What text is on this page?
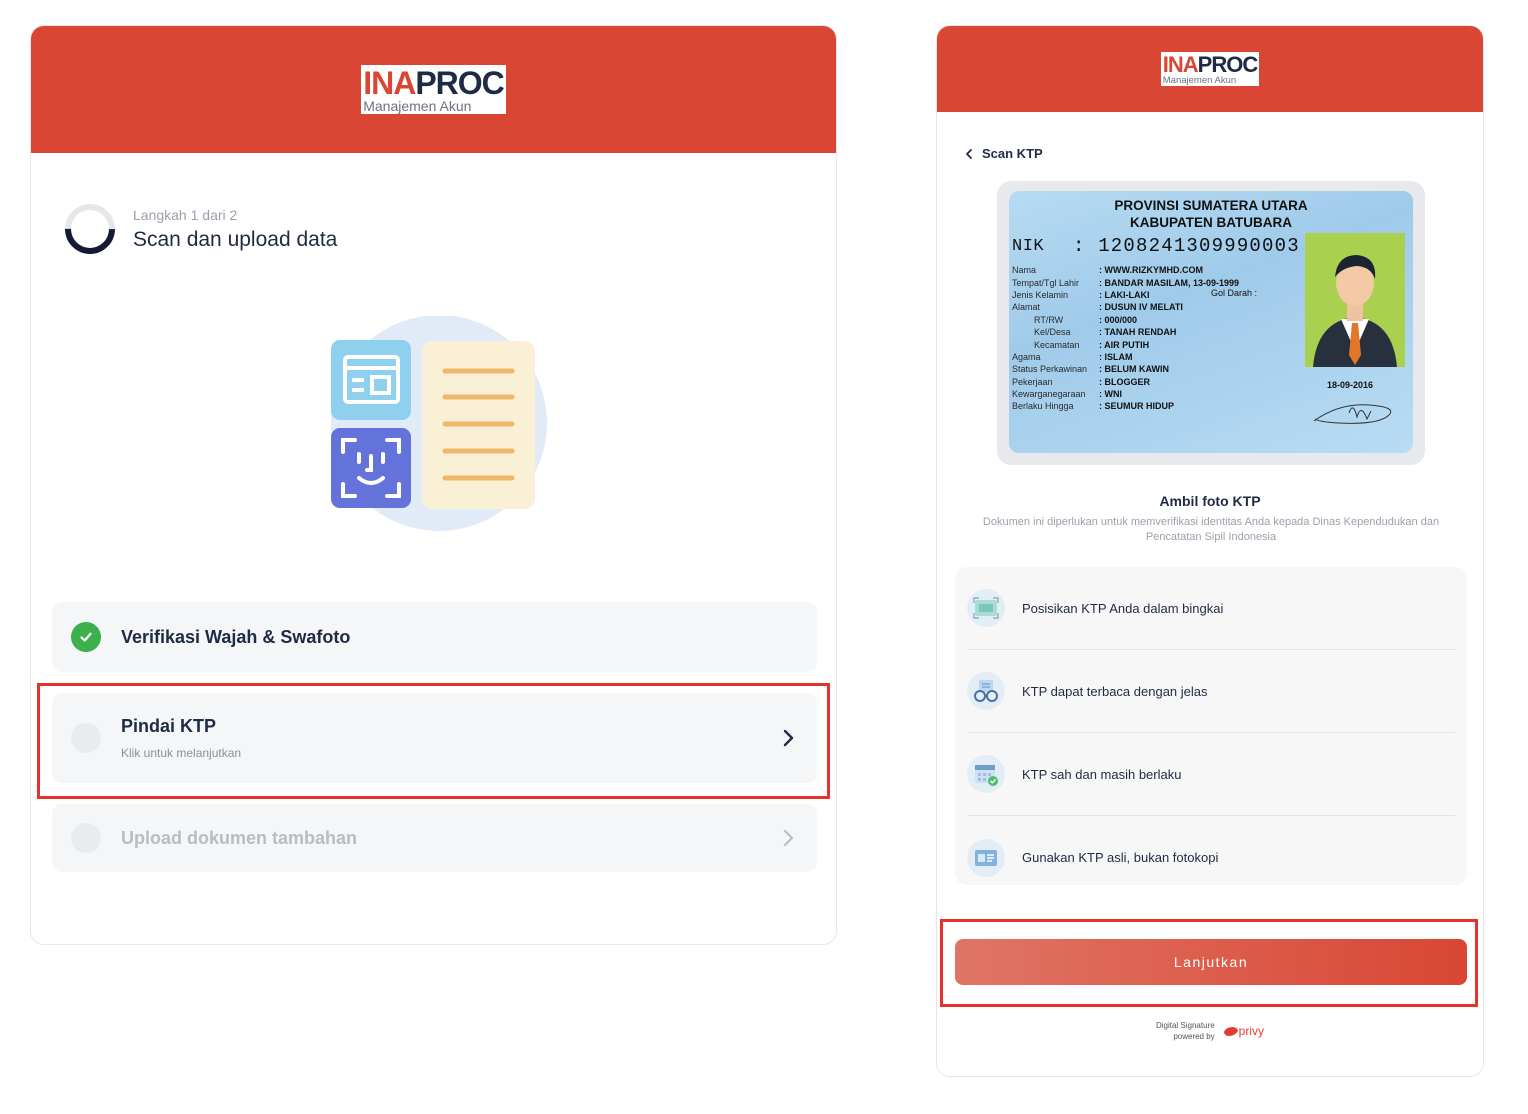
INAPROC
Manajemen Akun
Langkah 1 dari 2
Scan dan upload data
Verifikasi Wajah & Swafoto
Pindai KTP
Klik untuk melanjutkan
Upload dokumen tambahan
INAPROC
Manajemen Akun
Scan KTP
PROVINSI SUMATERA UTARA
KABUPATEN BATUBARA
NIK : 1208241309990003
Nama	: WWW.RIZKYMHD.COM
Tempat/Tgl Lahir	: BANDAR MASILAM, 13-09-1999
Jenis Kelamin	: LAKI-LAKI
Alamat	: DUSUN IV MELATI
RT/RW	: 000/000
Kel/Desa	: TANAH RENDAH
Kecamatan	: AIR PUTIH
Agama	: ISLAM
Status Perkawinan	: BELUM KAWIN
Pekerjaan	: BLOGGER
Kewarganegaraan	: WNI
Berlaku Hingga	: SEUMUR HIDUP
Gol Darah :
18-09-2016
Ambil foto KTP
Dokumen ini diperlukan untuk memverifikasi identitas Anda kepada Dinas Kependudukan dan Pencatatan Sipil Indonesia
Posisikan KTP Anda dalam bingkai
KTP dapat terbaca dengan jelas
KTP sah dan masih berlaku
Gunakan KTP asli, bukan fotokopi
Lanjutkan
Digital Signature
powered by privy
